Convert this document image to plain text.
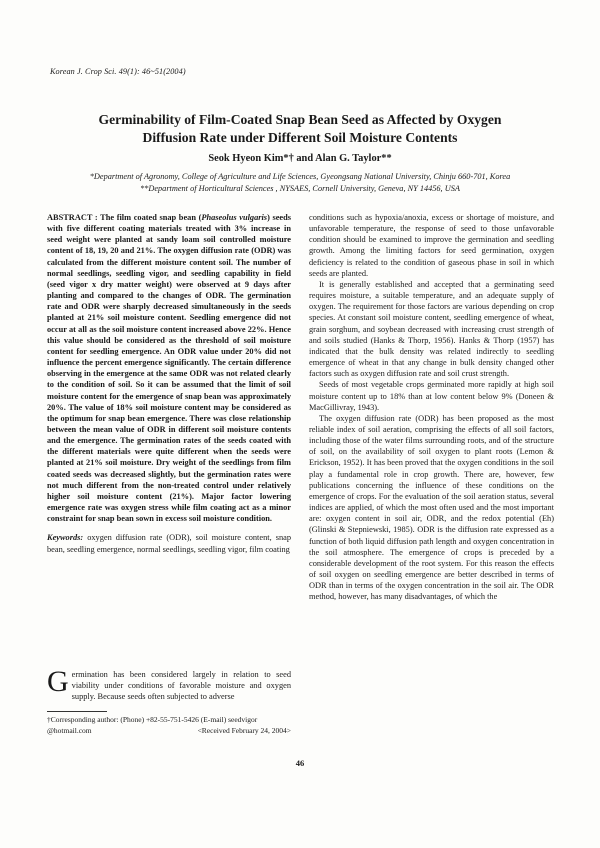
Korean J. Crop Sci. 49(1): 46~51(2004)
Germinability of Film-Coated Snap Bean Seed as Affected by Oxygen
Diffusion Rate under Different Soil Moisture Contents
Seok Hyeon Kim*† and Alan G. Taylor**
*Department of Agronomy, College of Agriculture and Life Sciences, Gyeongsang National University, Chinju 660-701, Korea
**Department of Horticultural Sciences , NYSAES, Cornell University, Geneva, NY 14456, USA
ABSTRACT : The film coated snap bean (Phaseolus vulgaris) seeds with five different coating materials treated with 3% increase in seed weight were planted at sandy loam soil controlled moisture content of 18, 19, 20 and 21%. The oxygen diffusion rate (ODR) was calculated from the different moisture content soil. The number of normal seedlings, seedling vigor, and seedling capability in field (seed vigor x dry matter weight) were observed at 9 days after planting and compared to the changes of ODR. The germination rate and ODR were sharply decreased simultaneously in the seeds planted at 21% soil moisture content. Seedling emergence did not occur at all as the soil moisture content increased above 22%. Hence this value should be considered as the threshold of soil moisture content for seedling emergence. An ODR value under 20% did not influence the percent emergence significantly. The certain difference observing in the emergence at the same ODR was not related clearly to the condition of soil. So it can be assumed that the limit of soil moisture content for the emergence of snap bean was approximately 20%. The value of 18% soil moisture content may be considered as the optimum for snap bean emergence. There was close relationship between the mean value of ODR in different soil moisture contents and the emergence. The germination rates of the seeds coated with the different materials were quite different when the seeds were planted at 21% soil moisture. Dry weight of the seedlings from film coated seeds was decreased slightly, but the germination rates were not much different from the non-treated control under relatively higher soil moisture content (21%). Major factor lowering emergence rate was oxygen stress while film coating act as a minor constraint for snap bean sown in excess soil moisture condition.
Keywords: oxygen diffusion rate (ODR), soil moisture content, snap bean, seedling emergence, normal seedlings, seedling vigor, film coating
Germination has been considered largely in relation to seed viability under conditions of favorable moisture and oxygen supply. Because seeds often subjected to adverse
†Corresponding author: (Phone) +82-55-751-5426 (E-mail) seedvigor
@hotmail.com	<Received February 24, 2004>

conditions such as hypoxia/anoxia, excess or shortage of moisture, and unfavorable temperature, the response of seed to those unfavorable condition should be examined to improve the germination and seedling growth. Among the limiting factors for seed germination, oxygen deficiency is related to the condition of gaseous phase in soil in which seeds are planted.

It is generally established and accepted that a germinating seed requires moisture, a suitable temperature, and an adequate supply of oxygen. The requirement for those factors are various depending on crop species. At constant soil moisture content, seedling emergence of wheat, grain sorghum, and soybean decreased with increasing crust strength of and soils studied (Hanks & Thorp, 1956). Hanks & Thorp (1957) has indicated that the bulk density was related indirectly to seedling emergence of wheat in that any change in bulk density changed other factors such as oxygen diffusion rate and soil crust strength.

Seeds of most vegetable crops germinated more rapidly at high soil moisture content up to 18% than at low content below 9% (Doneen & MacGillivray, 1943).

The oxygen diffusion rate (ODR) has been proposed as the most reliable index of soil aeration, comprising the effects of all soil factors, including those of the water films surrounding roots, and of the structure of soil, on the availability of soil oxygen to plant roots (Lemon & Erickson, 1952). It has been proved that the oxygen conditions in the soil play a fundamental role in crop growth. There are, however, few publications concerning the influence of these conditions on the emergence of crops. For the evaluation of the soil aeration status, several indices are applied, of which the most often used and the most important are: oxygen content in soil air, ODR, and the redox potential (Eh) (Glinski & Stepniewski, 1985). ODR is the diffusion rate expressed as a function of both liquid diffusion path length and oxygen concentration in the soil atmosphere. The emergence of crops is preceded by a considerable development of the root system. For this reason the effects of soil oxygen on seedling emergence are better described in terms of ODR than in terms of the oxygen concentration in the soil air. The ODR method, however, has many disadvantages, of which the

46
